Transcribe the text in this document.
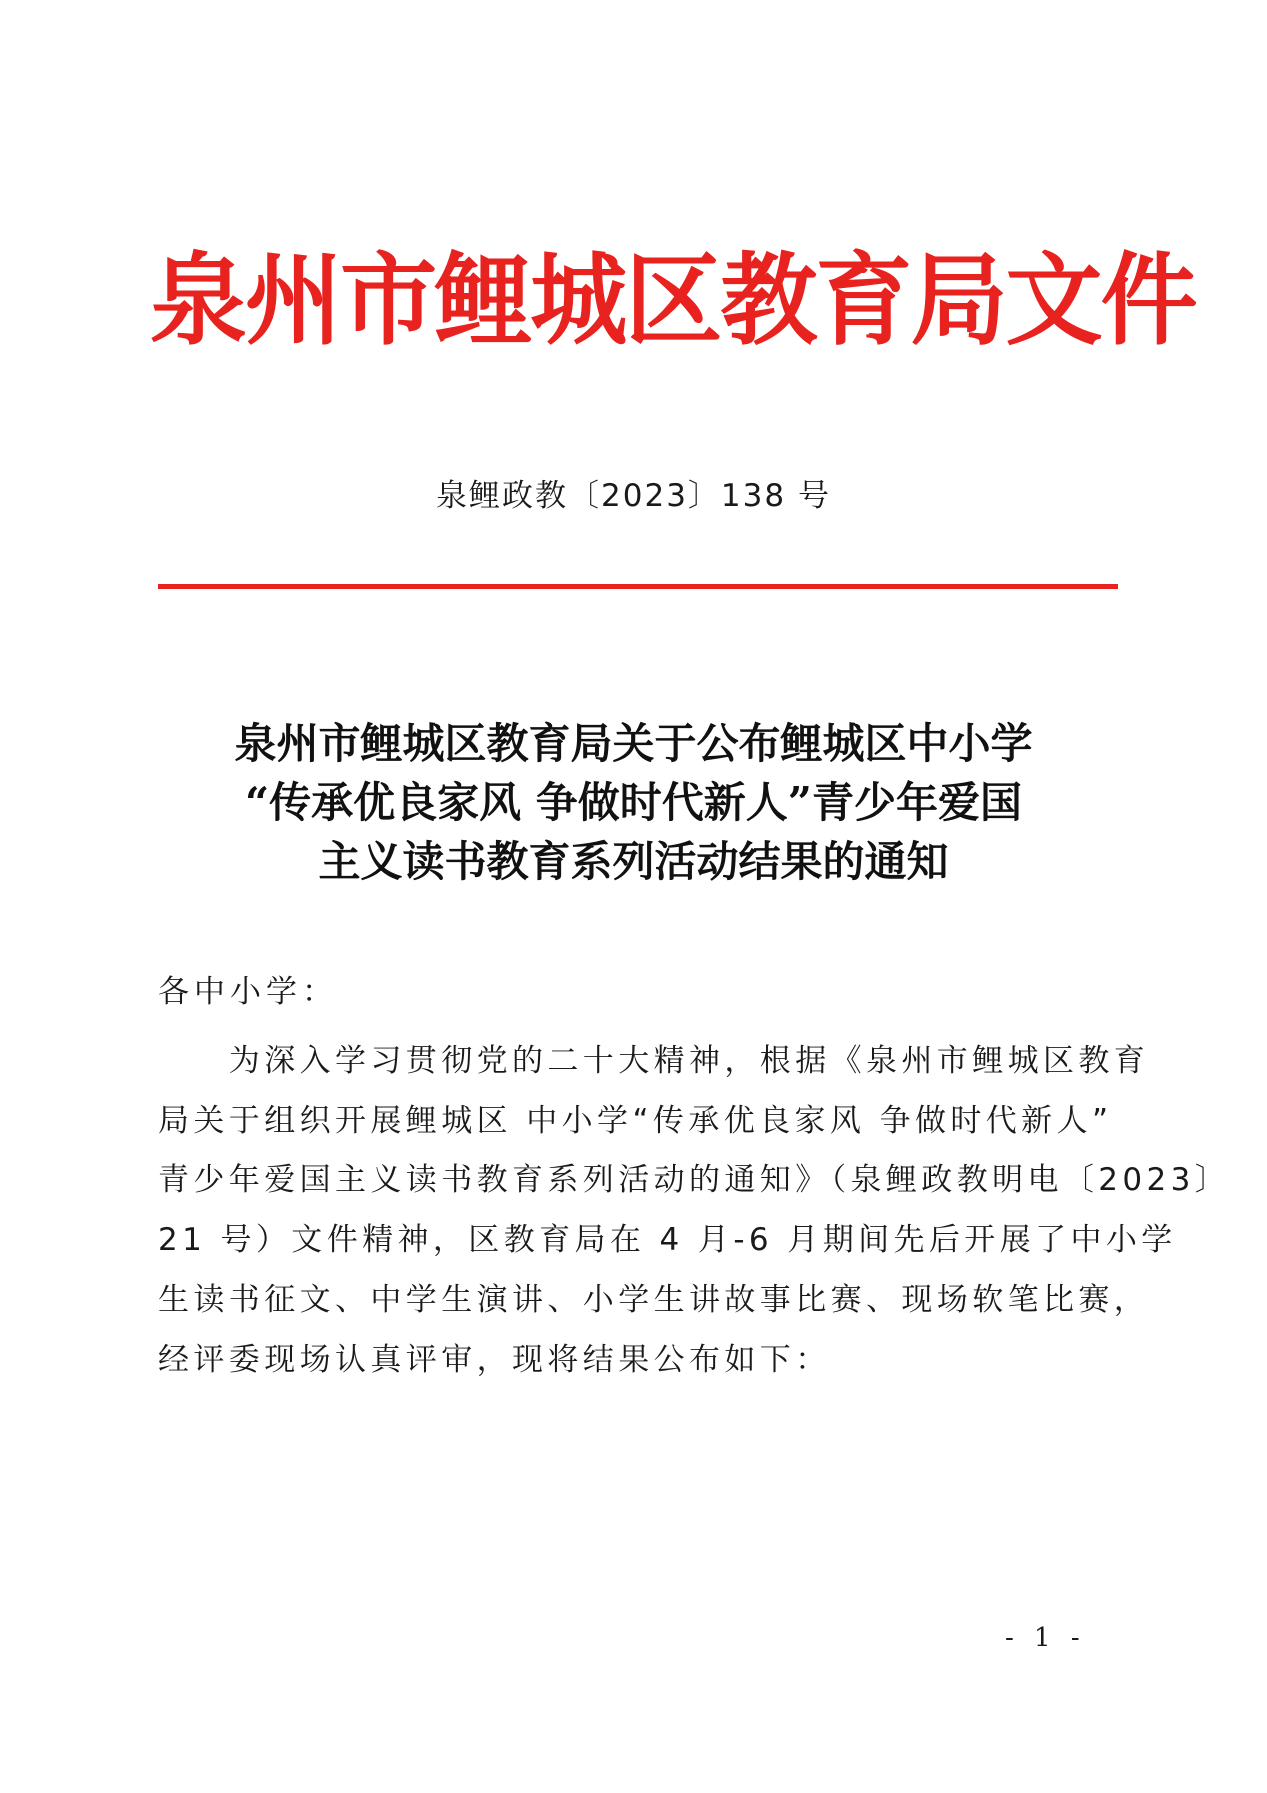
泉州市鲤城区教育局文件
泉鲤政教〔2023〕138 号
泉州市鲤城区教育局关于公布鲤城区中小学
“传承优良家风 争做时代新人”青少年爱国
主义读书教育系列活动结果的通知
各中小学：
　　为深入学习贯彻党的二十大精神，根据《泉州市鲤城区教育
局关于组织开展鲤城区 中小学“传承优良家风 争做时代新人”
青少年爱国主义读书教育系列活动的通知》（泉鲤政教明电〔2023〕
21 号）文件精神，区教育局在 4 月-6 月期间先后开展了中小学
生读书征文、中学生演讲、小学生讲故事比赛、现场软笔比赛，
经评委现场认真评审，现将结果公布如下：
- 1 -
